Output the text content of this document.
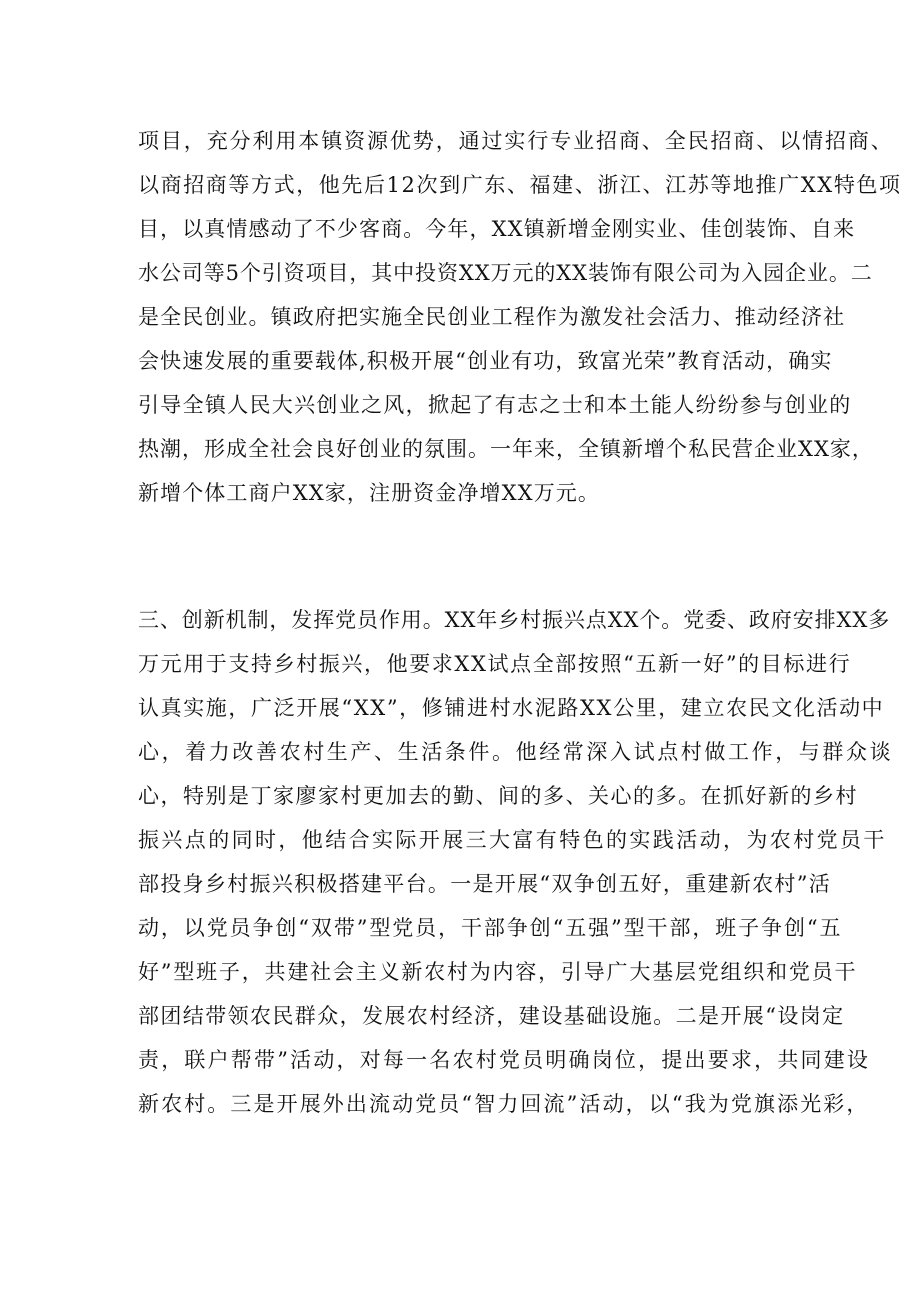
项目，充分利用本镇资源优势，通过实行专业招商、全民招商、以情招商、

以商招商等方式，他先后12次到广东、福建、浙江、江苏等地推广XX特色项

目，以真情感动了不少客商。今年，XX镇新增金刚实业、佳创装饰、自来

水公司等5个引资项目，其中投资XX万元的XX装饰有限公司为入园企业。二

是全民创业。镇政府把实施全民创业工程作为激发社会活力、推动经济社

会快速发展的重要载体,积极开展“创业有功，致富光荣”教育活动，确实

引导全镇人民大兴创业之风，掀起了有志之士和本土能人纷纷参与创业的

热潮，形成全社会良好创业的氛围。一年来，全镇新增个私民营企业XX家，

新增个体工商户XX家，注册资金净增XX万元。

三、创新机制，发挥党员作用。XX年乡村振兴点XX个。党委、政府安排XX多

万元用于支持乡村振兴，他要求XX试点全部按照“五新一好”的目标进行

认真实施，广泛开展“XX”，修铺进村水泥路XX公里，建立农民文化活动中

心，着力改善农村生产、生活条件。他经常深入试点村做工作，与群众谈

心，特别是丁家廖家村更加去的勤、间的多、关心的多。在抓好新的乡村

振兴点的同时，他结合实际开展三大富有特色的实践活动，为农村党员干

部投身乡村振兴积极搭建平台。一是开展“双争创五好，重建新农村”活

动，以党员争创“双带”型党员，干部争创“五强”型干部，班子争创“五

好”型班子，共建社会主义新农村为内容，引导广大基层党组织和党员干

部团结带领农民群众，发展农村经济，建设基础设施。二是开展“设岗定

责，联户帮带”活动，对每一名农村党员明确岗位，提出要求，共同建设

新农村。三是开展外出流动党员“智力回流”活动，以“我为党旗添光彩，
